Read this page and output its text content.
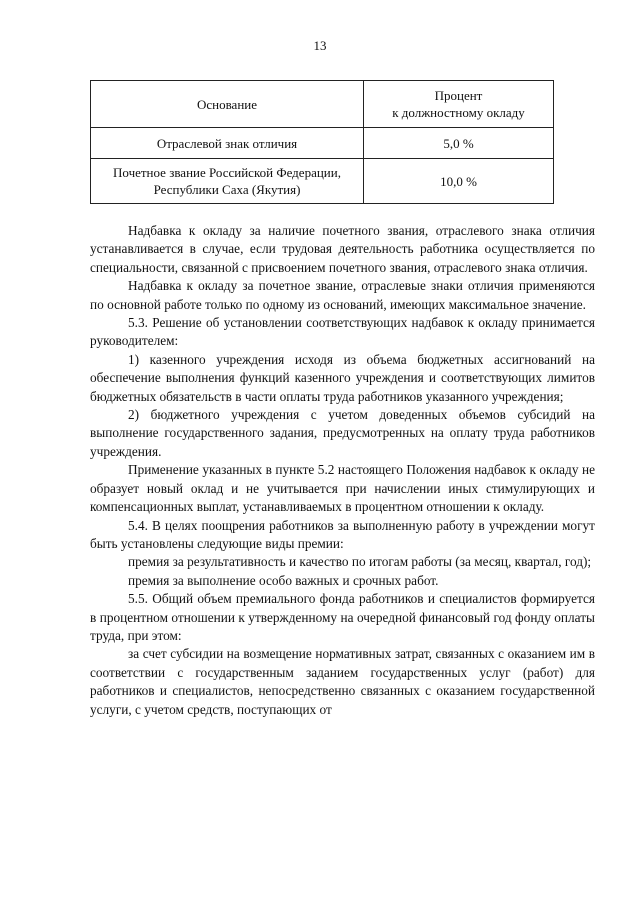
13
Основание	Процент
к должностному окладу
Отраслевой знак отличия	5,0 %
Почетное звание Российской Федерации,
Республики Саха (Якутия)	10,0 %

Надбавка к окладу за наличие почетного звания, отраслевого знака отличия устанавливается в случае, если трудовая деятельность работника осуществляется по специальности, связанной с присвоением почетного звания, отраслевого знака отличия.

Надбавка к окладу за почетное звание, отраслевые знаки отличия применяются по основной работе только по одному из оснований, имеющих максимальное значение.

5.3. Решение об установлении соответствующих надбавок к окладу принимается руководителем:

1) казенного учреждения исходя из объема бюджетных ассигнований на обеспечение выполнения функций казенного учреждения и соответствующих лимитов бюджетных обязательств в части оплаты труда работников указанного учреждения;

2) бюджетного учреждения с учетом доведенных объемов субсидий на выполнение государственного задания, предусмотренных на оплату труда работников учреждения.

Применение указанных в пункте 5.2 настоящего Положения надбавок к окладу не образует новый оклад и не учитывается при начислении иных стимулирующих и компенсационных выплат, устанавливаемых в процентном отношении к окладу.

5.4. В целях поощрения работников за выполненную работу в учреждении могут быть установлены следующие виды премии:

премия за результативность и качество по итогам работы (за месяц, квартал, год);

премия за выполнение особо важных и срочных работ.

5.5. Общий объем премиального фонда работников и специалистов формируется в процентном отношении к утвержденному на очередной финансовый год фонду оплаты труда, при этом:

за счет субсидии на возмещение нормативных затрат, связанных с оказанием им в соответствии с государственным заданием государственных услуг (работ) для работников и специалистов, непосредственно связанных с оказанием государственной услуги, с учетом средств, поступающих от
